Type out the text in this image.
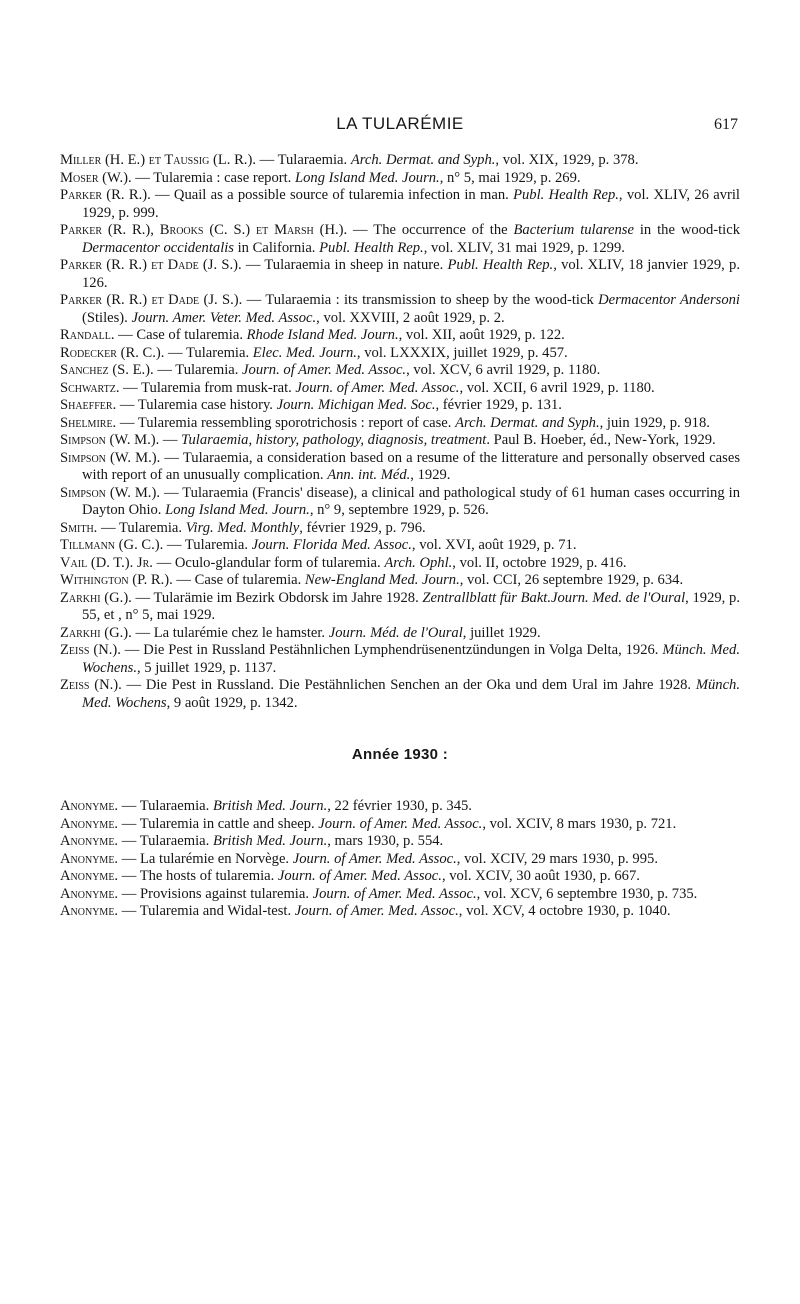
LA TULARÉMIE	617
Miller (H. E.) et Taussig (L. R.). — Tularaemia. Arch. Dermat. and Syph., vol. XIX, 1929, p. 378.
Moser (W.). — Tularemia : case report. Long Island Med. Journ., n° 5, mai 1929, p. 269.
Parker (R. R.). — Quail as a possible source of tularemia infection in man. Publ. Health Rep., vol. XLIV, 26 avril 1929, p. 999.
Parker (R. R.), Brooks (C. S.) et Marsh (H.). — The occurrence of the Bacterium tularense in the wood-tick Dermacentor occidentalis in California. Publ. Health Rep., vol. XLIV, 31 mai 1929, p. 1299.
Parker (R. R.) et Dade (J. S.). — Tularaemia in sheep in nature. Publ. Health Rep., vol. XLIV, 18 janvier 1929, p. 126.
Parker (R. R.) et Dade (J. S.). — Tularaemia : its transmission to sheep by the wood-tick Dermacentor Andersoni (Stiles). Journ. Amer. Veter. Med. Assoc., vol. XXVIII, 2 août 1929, p. 2.
Randall. — Case of tularemia. Rhode Island Med. Journ., vol. XII, août 1929, p. 122.
Rodecker (R. C.). — Tularemia. Elec. Med. Journ., vol. LXXXIX, juillet 1929, p. 457.
Sanchez (S. E.). — Tularemia. Journ. of Amer. Med. Assoc., vol. XCV, 6 avril 1929, p. 1180.
Schwartz. — Tularemia from musk-rat. Journ. of Amer. Med. Assoc., vol. XCII, 6 avril 1929, p. 1180.
Shaeffer. — Tularemia case history. Journ. Michigan Med. Soc., février 1929, p. 131.
Shelmire. — Tularemia ressembling sporotrichosis : report of case. Arch. Dermat. and Syph., juin 1929, p. 918.
Simpson (W. M.). — Tularaemia, history, pathology, diagnosis, treatment. Paul B. Hoeber, éd., New-York, 1929.
Simpson (W. M.). — Tularaemia, a consideration based on a resume of the litterature and personally observed cases with report of an unusually complication. Ann. int. Méd., 1929.
Simpson (W. M.). — Tularaemia (Francis' disease), a clinical and pathological study of 61 human cases occurring in Dayton Ohio. Long Island Med. Journ., n° 9, septembre 1929, p. 526.
Smith. — Tularemia. Virg. Med. Monthly, février 1929, p. 796.
Tillmann (G. C.). — Tularemia. Journ. Florida Med. Assoc., vol. XVI, août 1929, p. 71.
Vail (D. T.). Jr. — Oculo-glandular form of tularemia. Arch. Ophl., vol. II, octobre 1929, p. 416.
Withington (P. R.). — Case of tularemia. New-England Med. Journ., vol. CCI, 26 septembre 1929, p. 634.
Zarkhi (G.). — Tularämie im Bezirk Obdorsk im Jahre 1928. Zentrallblatt für Bakt.Journ. Med. de l'Oural, 1929, p. 55, et , n° 5, mai 1929.
Zarkhi (G.). — La tularémie chez le hamster. Journ. Méd. de l'Oural, juillet 1929.
Zeiss (N.). — Die Pest in Russland Pestähnlichen Lymphendrüsenentzündungen in Volga Delta, 1926. Münch. Med. Wochens., 5 juillet 1929, p. 1137.
Zeiss (N.). — Die Pest in Russland. Die Pestähnlichen Senchen an der Oka und dem Ural im Jahre 1928. Münch. Med. Wochens, 9 août 1929, p. 1342.
Année 1930 :
Anonyme. — Tularaemia. British Med. Journ., 22 février 1930, p. 345.
Anonyme. — Tularemia in cattle and sheep. Journ. of Amer. Med. Assoc., vol. XCIV, 8 mars 1930, p. 721.
Anonyme. — Tularaemia. British Med. Journ., mars 1930, p. 554.
Anonyme. — La tularémie en Norvège. Journ. of Amer. Med. Assoc., vol. XCIV, 29 mars 1930, p. 995.
Anonyme. — The hosts of tularemia. Journ. of Amer. Med. Assoc., vol. XCIV, 30 août 1930, p. 667.
Anonyme. — Provisions against tularemia. Journ. of Amer. Med. Assoc., vol. XCV, 6 septembre 1930, p. 735.
Anonyme. — Tularemia and Widal-test. Journ. of Amer. Med. Assoc., vol. XCV, 4 octobre 1930, p. 1040.
